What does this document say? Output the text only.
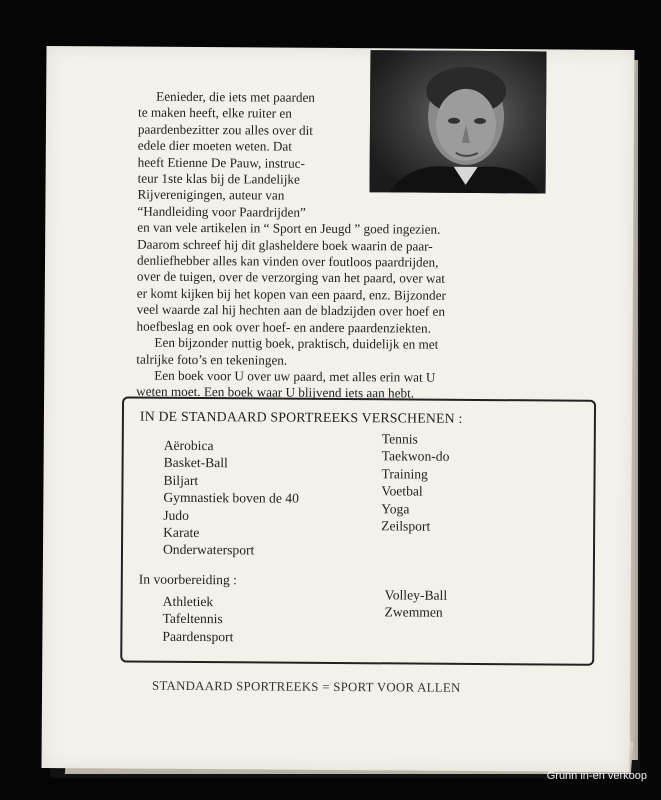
Eenieder, die iets met paarden
te maken heeft, elke ruiter en
paardenbezitter zou alles over dit
edele dier moeten weten. Dat
heeft Etienne De Pauw, instruc-
teur 1ste klas bij de Landelijke
Rijverenigingen, auteur van
“Handleiding voor Paardrijden”
en van vele artikelen in “ Sport en Jeugd ” goed ingezien.
Daarom schreef hij dit glasheldere boek waarin de paar-
denliefhebber alles kan vinden over foutloos paardrijden,
over de tuigen, over de verzorging van het paard, over wat
er komt kijken bij het kopen van een paard, enz. Bijzonder
veel waarde zal hij hechten aan de bladzijden over hoef en
hoefbeslag en ook over hoef- en andere paardenziekten.
Een bijzonder nuttig boek, praktisch, duidelijk en met
talrijke foto’s en tekeningen.
Een boek voor U over uw paard, met alles erin wat U
weten moet. Een boek waar U blijvend iets aan hebt.
IN DE STANDAARD SPORTREEKS VERSCHENEN :
Aërobica
Basket-Ball
Biljart
Gymnastiek boven de 40
Judo
Karate
Onderwatersport
Tennis
Taekwon-do
Training
Voetbal
Yoga
Zeilsport
In voorbereiding :
Athletiek
Tafeltennis
Paardensport
Volley-Ball
Zwemmen
STANDAARD SPORTREEKS = SPORT VOOR ALLEN
Grunn in-en verkoop
